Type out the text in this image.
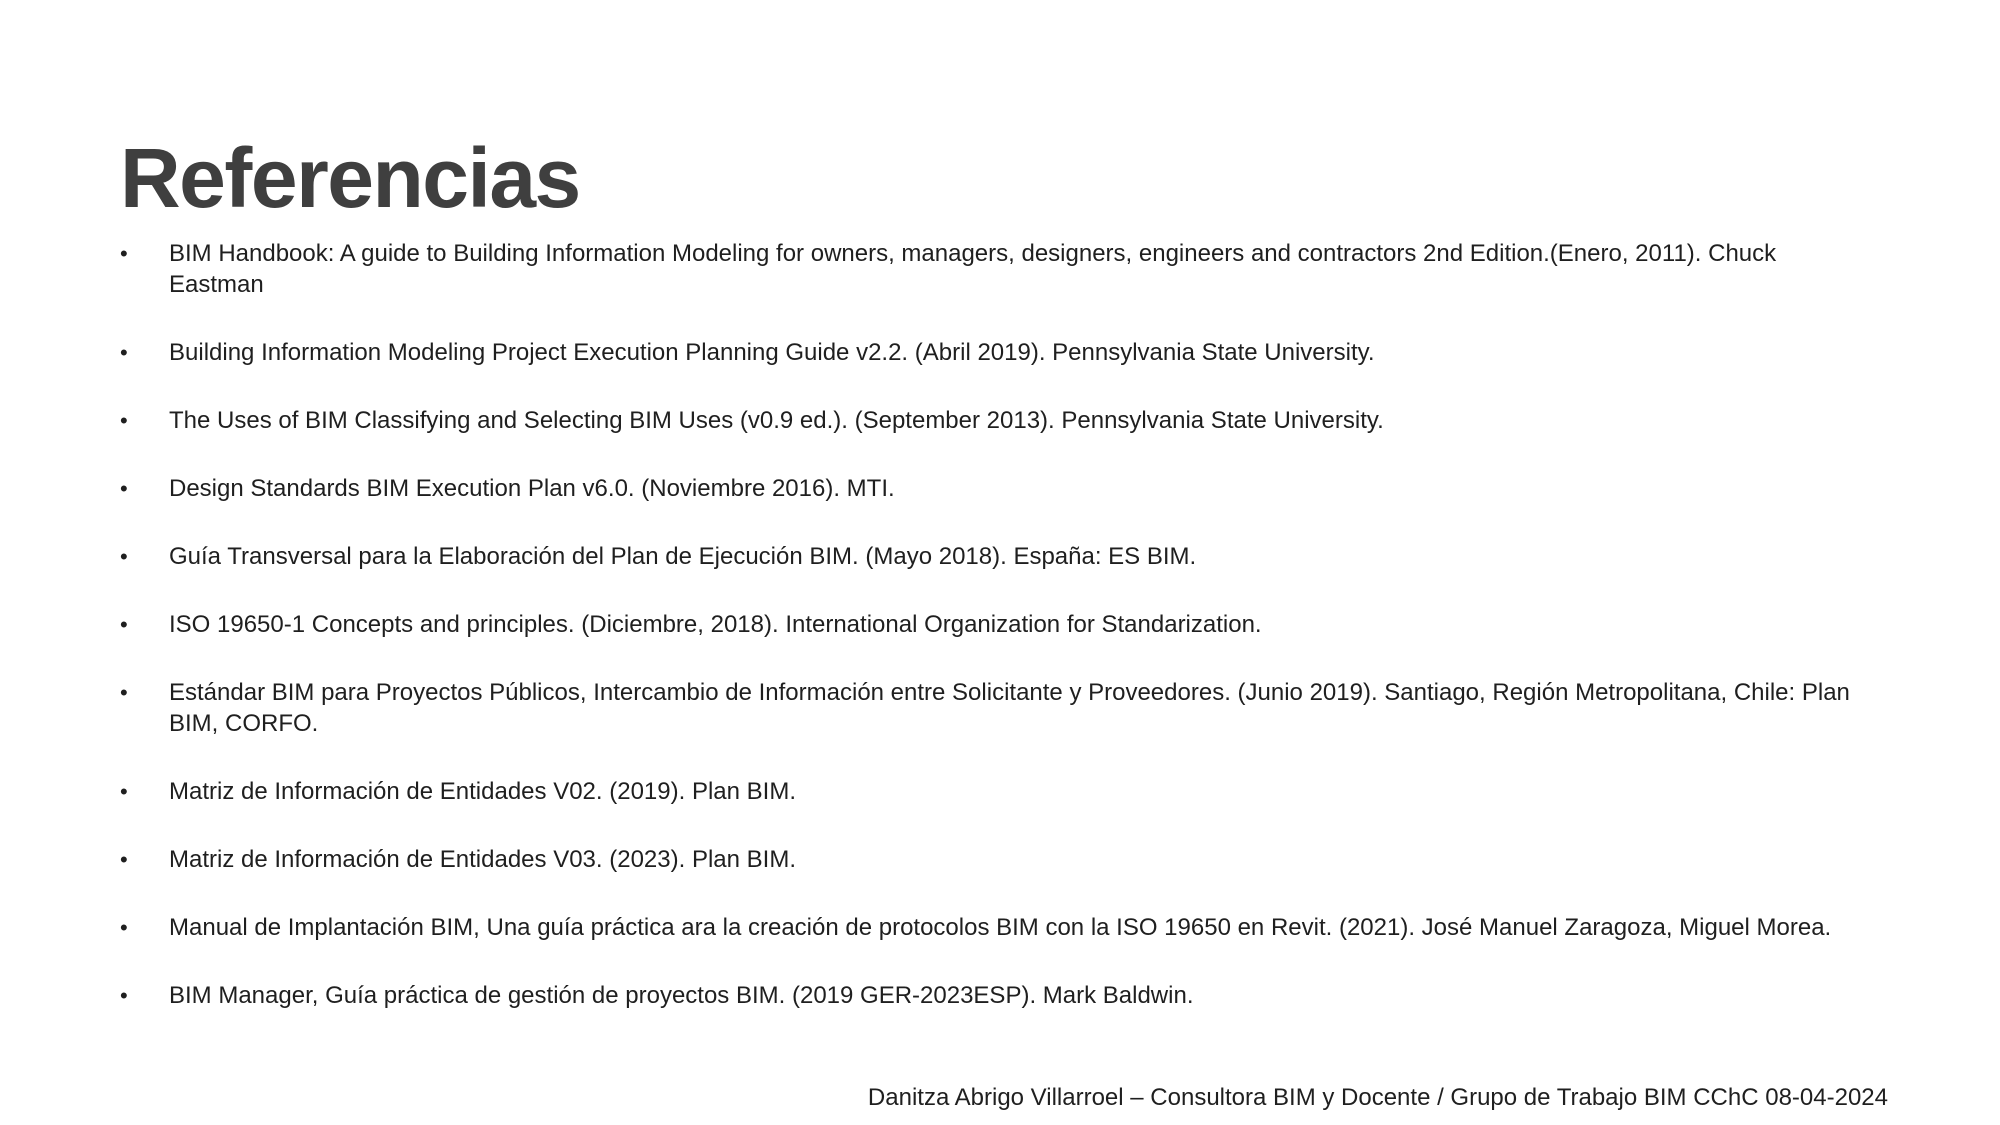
Referencias
•	BIM Handbook: A guide to Building Information Modeling for owners, managers, designers, engineers and contractors 2nd Edition.(Enero, 2011). Chuck Eastman
•	Building Information Modeling Project Execution Planning Guide v2.2. (Abril 2019). Pennsylvania State University.
•	The Uses of BIM Classifying and Selecting BIM Uses (v0.9 ed.). (September 2013). Pennsylvania State University.
•	Design Standards BIM Execution Plan v6.0. (Noviembre 2016). MTI.
•	Guía Transversal para la Elaboración del Plan de Ejecución BIM. (Mayo 2018). España: ES BIM.
•	ISO 19650-1 Concepts and principles. (Diciembre, 2018). International Organization for Standarization.
•	Estándar BIM para Proyectos Públicos, Intercambio de Información entre Solicitante y Proveedores. (Junio 2019). Santiago, Región Metropolitana, Chile: Plan BIM, CORFO.
•	Matriz de Información de Entidades V02. (2019). Plan BIM.
•	Matriz de Información de Entidades V03. (2023). Plan BIM.
•	Manual de Implantación BIM, Una guía práctica ara la creación de protocolos BIM con la ISO 19650 en Revit. (2021). José Manuel Zaragoza, Miguel Morea.
•	BIM Manager, Guía práctica de gestión de proyectos BIM. (2019 GER-2023ESP). Mark Baldwin.
Danitza Abrigo Villarroel – Consultora BIM y Docente / Grupo de Trabajo BIM CChC 08-04-2024
